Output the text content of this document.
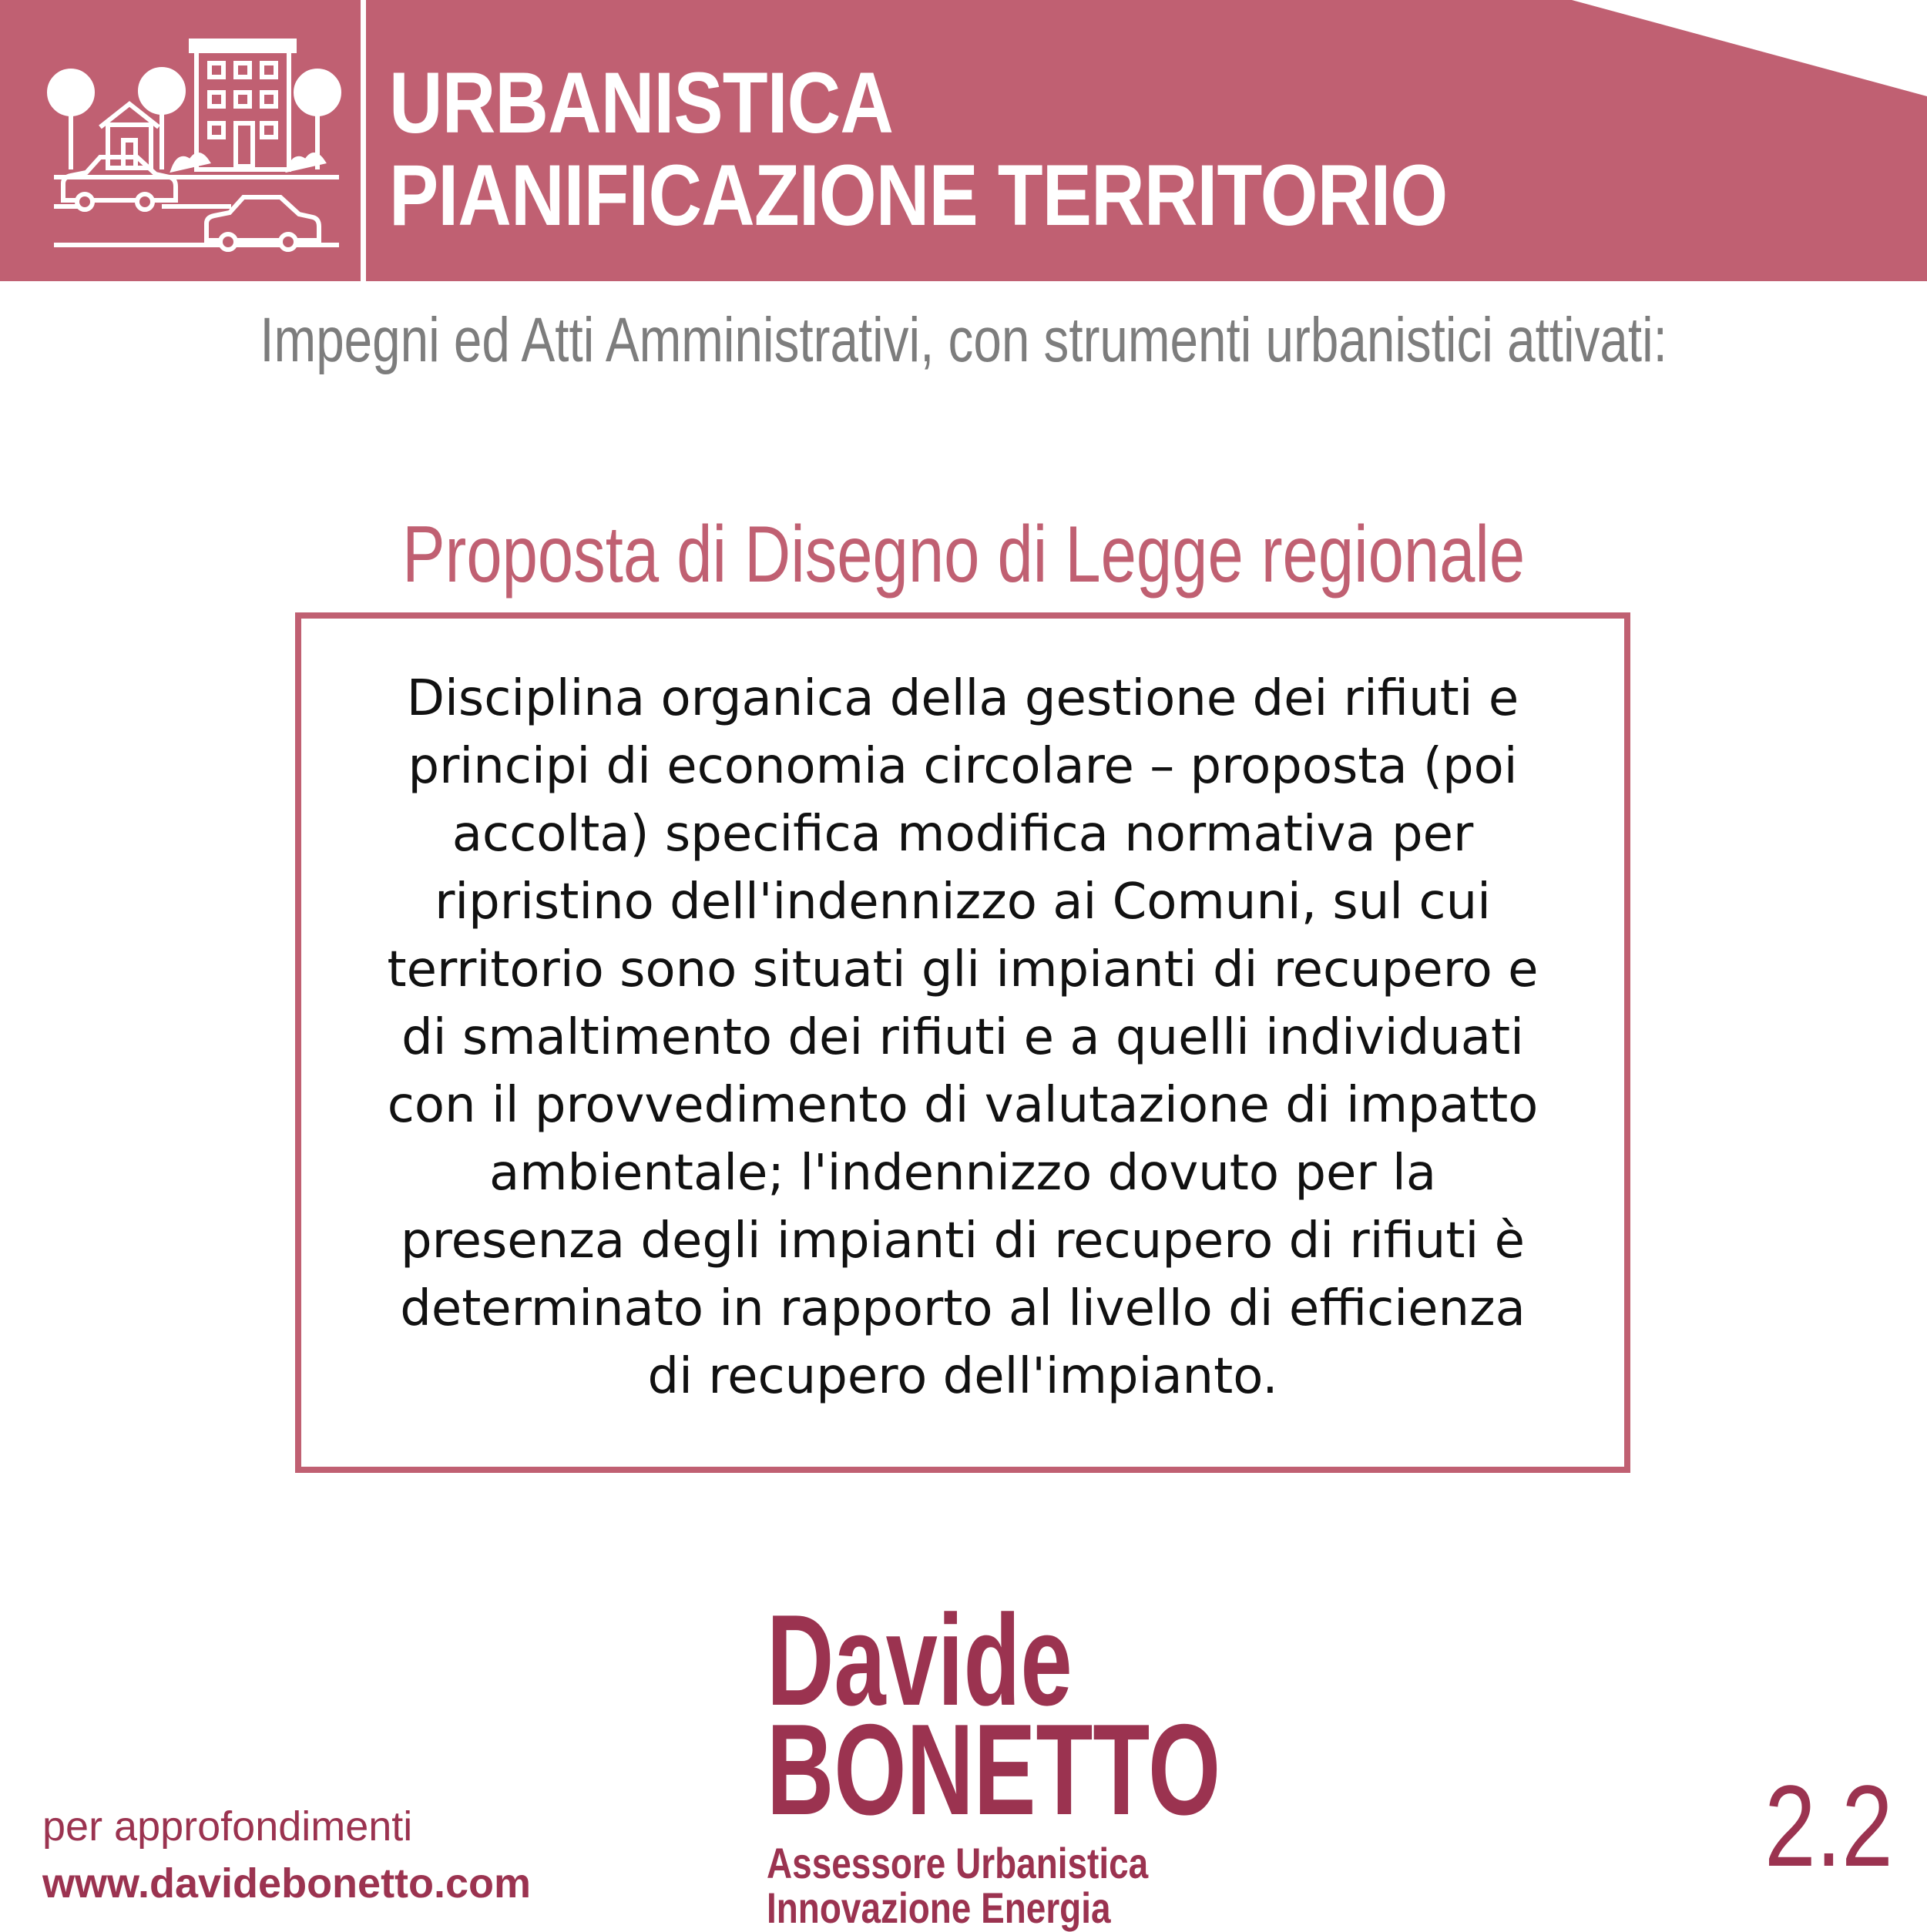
URBANISTICA
PIANIFICAZIONE TERRITORIO
Impegni ed Atti Amministrativi, con strumenti urbanistici attivati:
Proposta di Disegno di Legge regionale
Disciplina organica della gestione dei rifiuti e
principi di economia circolare – proposta (poi
accolta) specifica modifica normativa per
ripristino dell'indennizzo ai Comuni, sul cui
territorio sono situati gli impianti di recupero e
di smaltimento dei rifiuti e a quelli individuati
con il provvedimento di valutazione di impatto
ambientale; l'indennizzo dovuto per la
presenza degli impianti di recupero di rifiuti è
determinato in rapporto al livello di efficienza
di recupero dell'impianto.
Davide
BONETTO
Assessore Urbanistica
Innovazione Energia
per approfondimenti
www.davidebonetto.com	2.2
